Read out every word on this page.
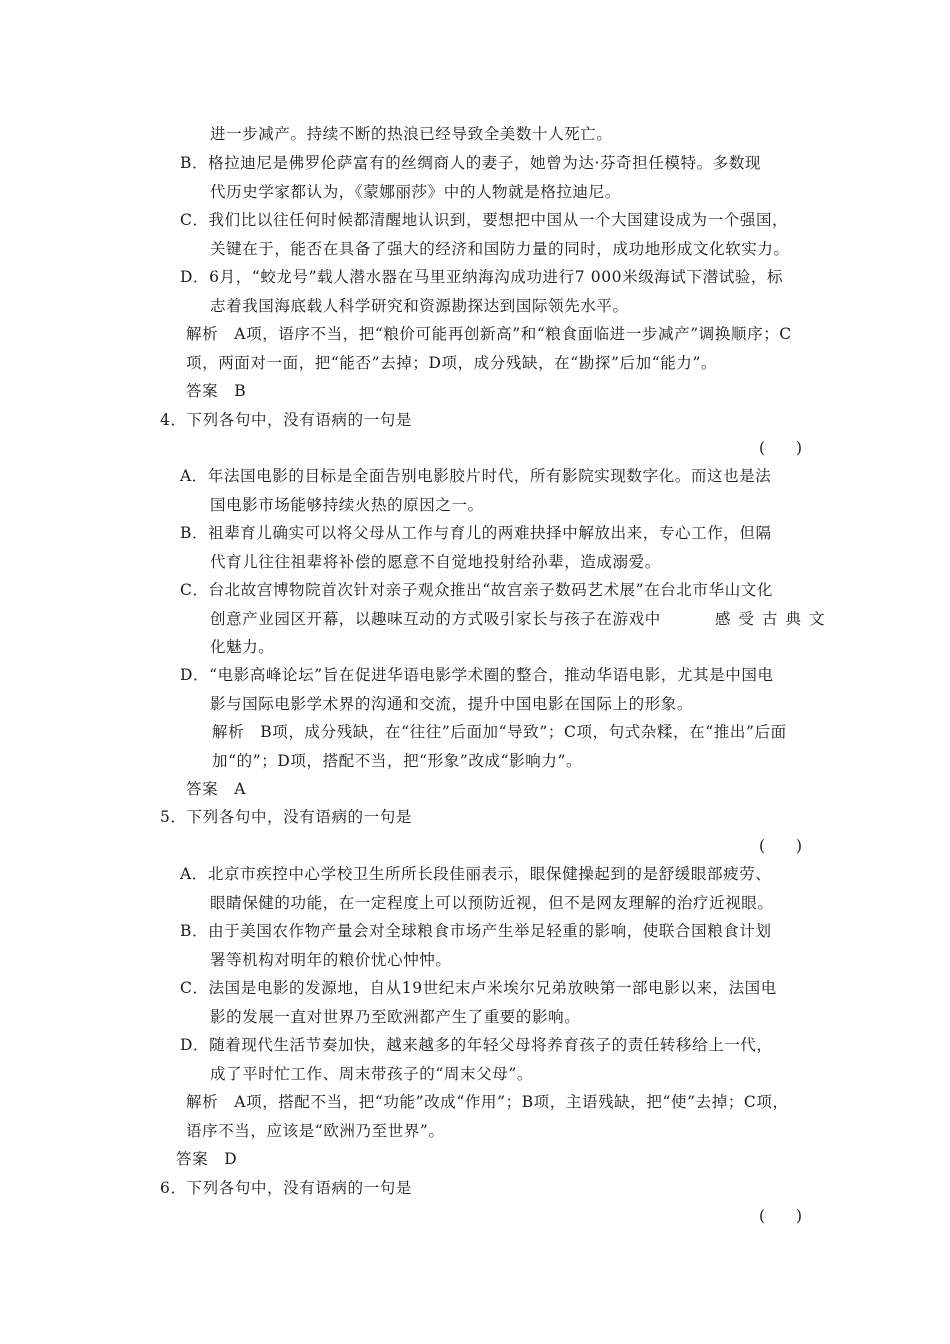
进一步减产。持续不断的热浪已经导致全美数十人死亡。
B．格拉迪尼是佛罗伦萨富有的丝绸商人的妻子，她曾为达·芬奇担任模特。多数现
代历史学家都认为，《蒙娜丽莎》中的人物就是格拉迪尼。
C．我们比以往任何时候都清醒地认识到，要想把中国从一个大国建设成为一个强国，
关键在于，能否在具备了强大的经济和国防力量的同时，成功地形成文化软实力。
D．6月，“蛟龙号”载人潜水器在马里亚纳海沟成功进行7 000米级海试下潜试验，标
志着我国海底载人科学研究和资源勘探达到国际领先水平。
解析　A项，语序不当，把“粮价可能再创新高”和“粮食面临进一步减产”调换顺序；C
项，两面对一面，把“能否”去掉；D项，成分残缺，在“勘探”后加“能力”。
答案　B
4．下列各句中，没有语病的一句是
(　　)
A．年法国电影的目标是全面告别电影胶片时代，所有影院实现数字化。而这也是法
国电影市场能够持续火热的原因之一。
B．祖辈育儿确实可以将父母从工作与育儿的两难抉择中解放出来，专心工作，但隔
代育儿往往祖辈将补偿的愿意不自觉地投射给孙辈，造成溺爱。
C．台北故宫博物院首次针对亲子观众推出“故宫亲子数码艺术展”在台北市华山文化
创意产业园区开幕，以趣味互动的方式吸引家长与孩子在游戏中	感受古典文
化魅力。
D．“电影高峰论坛”旨在促进华语电影学术圈的整合，推动华语电影，尤其是中国电
影与国际电影学术界的沟通和交流，提升中国电影在国际上的形象。
解析　B项，成分残缺，在“往往”后面加“导致”；C项，句式杂糅，在“推出”后面
加“的”；D项，搭配不当，把“形象”改成“影响力”。
答案　A
5．下列各句中，没有语病的一句是
(　　)
A．北京市疾控中心学校卫生所所长段佳丽表示，眼保健操起到的是舒缓眼部疲劳、
眼睛保健的功能，在一定程度上可以预防近视，但不是网友理解的治疗近视眼。
B．由于美国农作物产量会对全球粮食市场产生举足轻重的影响，使联合国粮食计划
署等机构对明年的粮价忧心忡忡。
C．法国是电影的发源地，自从19世纪末卢米埃尔兄弟放映第一部电影以来，法国电
影的发展一直对世界乃至欧洲都产生了重要的影响。
D．随着现代生活节奏加快，越来越多的年轻父母将养育孩子的责任转移给上一代，
成了平时忙工作、周末带孩子的“周末父母”。
解析　A项，搭配不当，把“功能”改成“作用”；B项，主语残缺，把“使”去掉；C项，
语序不当，应该是“欧洲乃至世界”。
答案　D
6．下列各句中，没有语病的一句是
(　　)
